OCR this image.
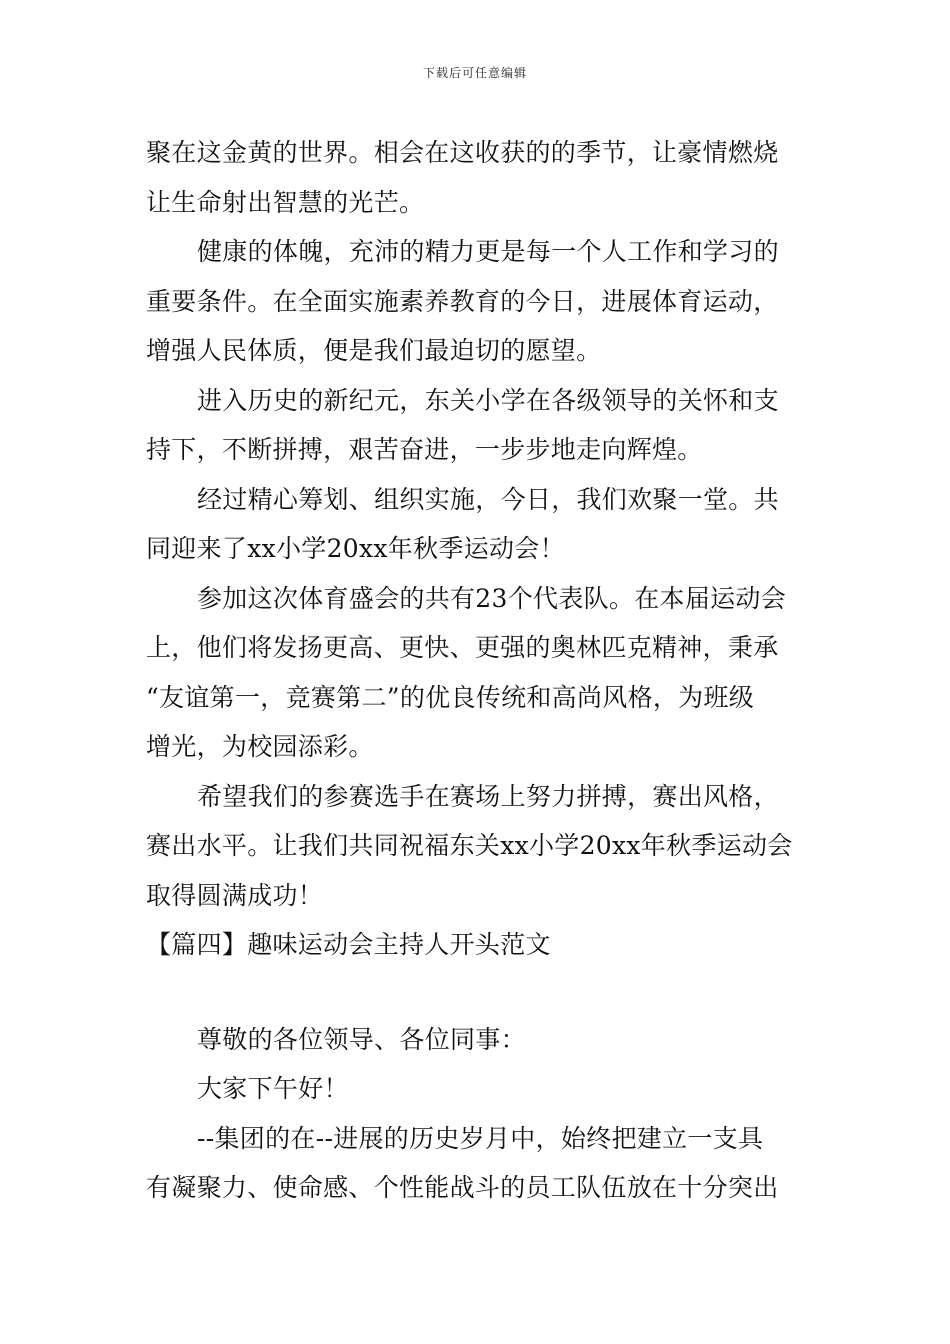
下载后可任意编辑
聚在这金黄的世界。相会在这收获的的季节，让豪情燃烧
让生命射出智慧的光芒。
健康的体魄，充沛的精力更是每一个人工作和学习的
重要条件。在全面实施素养教育的今日，进展体育运动，
增强人民体质，便是我们最迫切的愿望。
进入历史的新纪元，东关小学在各级领导的关怀和支
持下，不断拼搏，艰苦奋进，一步步地走向辉煌。
经过精心筹划、组织实施，今日，我们欢聚一堂。共
同迎来了xx小学20xx年秋季运动会！
参加这次体育盛会的共有23个代表队。在本届运动会
上，他们将发扬更高、更快、更强的奥林匹克精神，秉承
“友谊第一，竞赛第二”的优良传统和高尚风格，为班级
增光，为校园添彩。
希望我们的参赛选手在赛场上努力拼搏，赛出风格，
赛出水平。让我们共同祝福东关xx小学20xx年秋季运动会
取得圆满成功！
【篇四】趣味运动会主持人开头范文
尊敬的各位领导、各位同事：
大家下午好！
--集团的在--进展的历史岁月中，始终把建立一支具
有凝聚力、使命感、个性能战斗的员工队伍放在十分突出
